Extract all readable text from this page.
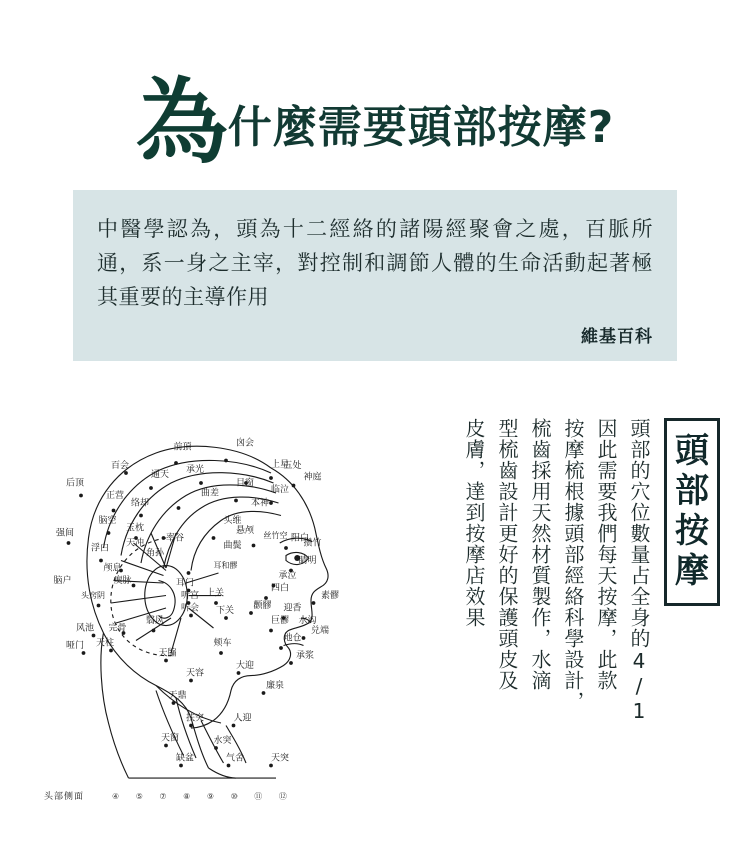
為 什麼需要頭部按摩?
中醫學認為，頭為十二經絡的諸陽經聚會之處，百脈所通，系一身之主宰，對控制和調節人體的生命活動起著極其重要的主導作用
維基百科
前頂	囟会
百会	承光	上星
神庭
后顶
通天
目窗
临泣
正营
络却
曲差
五处
本神
头维
强间
脑空
玉枕	悬颅
阳白
率谷
角孙
天冲	曲鬓
丝竹空
攒竹
脑户
浮白
颅息
瘈脉
耳和髎	睛明
承泣
四白
头窍阴
耳门
听宫
听会
上关
下关	颧髎 迎香
素髎
巨髎 水沟
风池 完骨
翳风
兑端
地仓
哑门 天柱
天牖
颊车
承浆
大迎
天容
天鼎
廉泉
扶突	人迎
天窗	水突
缺盆	气舍	天突
头部侧面	④ ⑤ ⑦ ⑧ ⑨ ⑩ ⑪ ⑫
頭
部
按
摩
頭部的穴位數量占全身的4/1
因此需要我們每天按摩，此款
按摩梳根據頭部經絡科學設計，
梳齒採用天然材質製作，水滴
型梳齒設計更好的保護頭皮及
皮膚，達到按摩店效果
